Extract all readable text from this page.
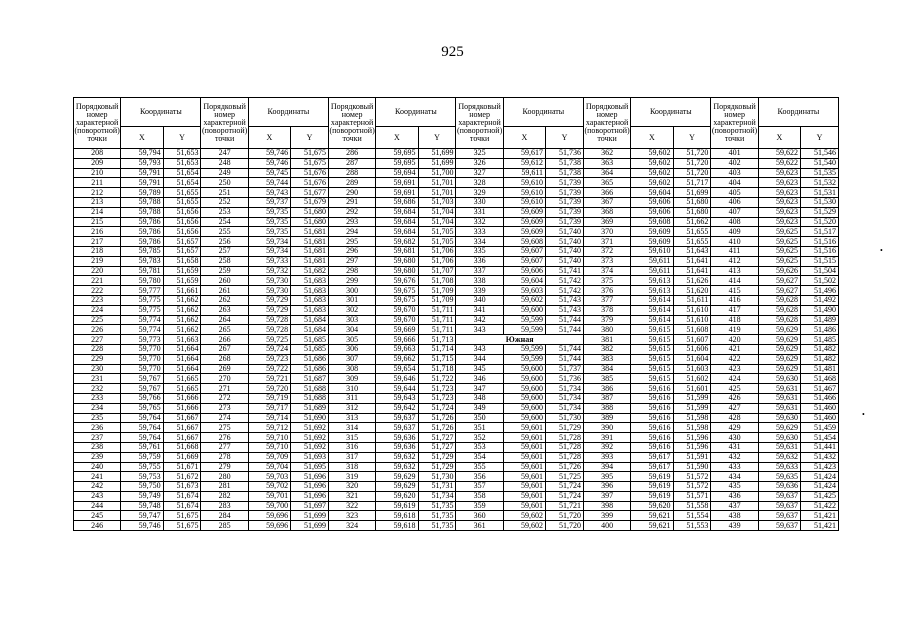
925
Порядковый номер характерной (поворотной) точки	Координаты		Порядковый номер характерной (поворотной) точки	Координаты		Порядковый номер характерной (поворотной) точки	Координаты		Порядковый номер характерной (поворотной) точки	Координаты		Порядковый номер характерной (поворотной) точки	Координаты		Порядковый номер характерной (поворотной) точки	Координаты	
	X	Y		X	Y		X	Y		X	Y		X	Y		X	Y
208	59,794	51,653	247	59,746	51,675	286	59,695	51,699	325	59,617	51,736	362	59,602	51,720	401	59,622	51,546
209	59,793	51,653	248	59,746	51,675	287	59,695	51,699	326	59,612	51,738	363	59,602	51,720	402	59,622	51,540
210	59,791	51,654	249	59,745	51,676	288	59,694	51,700	327	59,611	51,738	364	59,602	51,720	403	59,623	51,535
211	59,791	51,654	250	59,744	51,676	289	59,691	51,701	328	59,610	51,739	365	59,602	51,717	404	59,623	51,532
212	59,789	51,655	251	59,743	51,677	290	59,691	51,701	329	59,610	51,739	366	59,604	51,699	405	59,623	51,531
213	59,788	51,655	252	59,737	51,679	291	59,686	51,703	330	59,610	51,739	367	59,606	51,680	406	59,623	51,530
214	59,788	51,656	253	59,735	51,680	292	59,684	51,704	331	59,609	51,739	368	59,606	51,680	407	59,623	51,529
215	59,786	51,656	254	59,735	51,680	293	59,684	51,704	332	59,609	51,739	369	59,608	51,662	408	59,623	51,520
216	59,786	51,656	255	59,735	51,681	294	59,684	51,705	333	59,609	51,740	370	59,609	51,655	409	59,625	51,517
217	59,786	51,657	256	59,734	51,681	295	59,682	51,705	334	59,608	51,740	371	59,609	51,655	410	59,625	51,516
218	59,785	51,657	257	59,734	51,681	296	59,681	51,706	335	59,607	51,740	372	59,610	51,643	411	59,625	51,516
219	59,783	51,658	258	59,733	51,681	297	59,680	51,706	336	59,607	51,740	373	59,611	51,641	412	59,625	51,515
220	59,781	51,659	259	59,732	51,682	298	59,680	51,707	337	59,606	51,741	374	59,611	51,641	413	59,626	51,504
221	59,780	51,659	260	59,730	51,683	299	59,676	51,708	338	59,604	51,742	375	59,613	51,626	414	59,627	51,502
222	59,777	51,661	261	59,730	51,683	300	59,675	51,709	339	59,603	51,742	376	59,613	51,620	415	59,627	51,496
223	59,775	51,662	262	59,729	51,683	301	59,675	51,709	340	59,602	51,743	377	59,614	51,611	416	59,628	51,492
224	59,775	51,662	263	59,729	51,683	302	59,670	51,711	341	59,600	51,743	378	59,614	51,610	417	59,628	51,490
225	59,774	51,662	264	59,728	51,684	303	59,670	51,711	342	59,599	51,744	379	59,614	51,610	418	59,628	51,489
226	59,774	51,662	265	59,728	51,684	304	59,669	51,711	343	59,599	51,744	380	59,615	51,608	419	59,629	51,486
227	59,773	51,663	266	59,725	51,685	305	59,666	51,713	Южная			381	59,615	51,607	420	59,629	51,485
228	59,770	51,664	267	59,724	51,685	306	59,663	51,714	343	59,599	51,744	382	59,615	51,606	421	59,629	51,482
229	59,770	51,664	268	59,723	51,686	307	59,662	51,715	344	59,599	51,744	383	59,615	51,604	422	59,629	51,482
230	59,770	51,664	269	59,722	51,686	308	59,654	51,718	345	59,600	51,737	384	59,615	51,603	423	59,629	51,481
231	59,767	51,665	270	59,721	51,687	309	59,646	51,722	346	59,600	51,736	385	59,615	51,602	424	59,630	51,468
232	59,767	51,665	271	59,720	51,688	310	59,644	51,723	347	59,600	51,734	386	59,616	51,601	425	59,631	51,467
233	59,766	51,666	272	59,719	51,688	311	59,643	51,723	348	59,600	51,734	387	59,616	51,599	426	59,631	51,466
234	59,765	51,666	273	59,717	51,689	312	59,642	51,724	349	59,600	51,734	388	59,616	51,599	427	59,631	51,460
235	59,764	51,667	274	59,714	51,690	313	59,637	51,726	350	59,600	51,730	389	59,616	51,598	428	59,630	51,460
236	59,764	51,667	275	59,712	51,692	314	59,637	51,726	351	59,601	51,729	390	59,616	51,598	429	59,629	51,459
237	59,764	51,667	276	59,710	51,692	315	59,636	51,727	352	59,601	51,728	391	59,616	51,596	430	59,630	51,454
238	59,761	51,668	277	59,710	51,692	316	59,636	51,727	353	59,601	51,728	392	59,616	51,596	431	59,631	51,441
239	59,759	51,669	278	59,709	51,693	317	59,632	51,729	354	59,601	51,728	393	59,617	51,591	432	59,632	51,432
240	59,755	51,671	279	59,704	51,695	318	59,632	51,729	355	59,601	51,726	394	59,617	51,590	433	59,633	51,423
241	59,753	51,672	280	59,703	51,696	319	59,629	51,730	356	59,601	51,725	395	59,619	51,572	434	59,635	51,424
242	59,750	51,673	281	59,702	51,696	320	59,629	51,731	357	59,601	51,724	396	59,619	51,572	435	59,636	51,424
243	59,749	51,674	282	59,701	51,696	321	59,620	51,734	358	59,601	51,724	397	59,619	51,571	436	59,637	51,425
244	59,748	51,674	283	59,700	51,697	322	59,619	51,735	359	59,601	51,721	398	59,620	51,558	437	59,637	51,422
245	59,747	51,675	284	59,696	51,699	323	59,618	51,735	360	59,602	51,720	399	59,621	51,554	438	59,637	51,421
246	59,746	51,675	285	59,696	51,699	324	59,618	51,735	361	59,602	51,720	400	59,621	51,553	439	59,637	51,421
•
•
